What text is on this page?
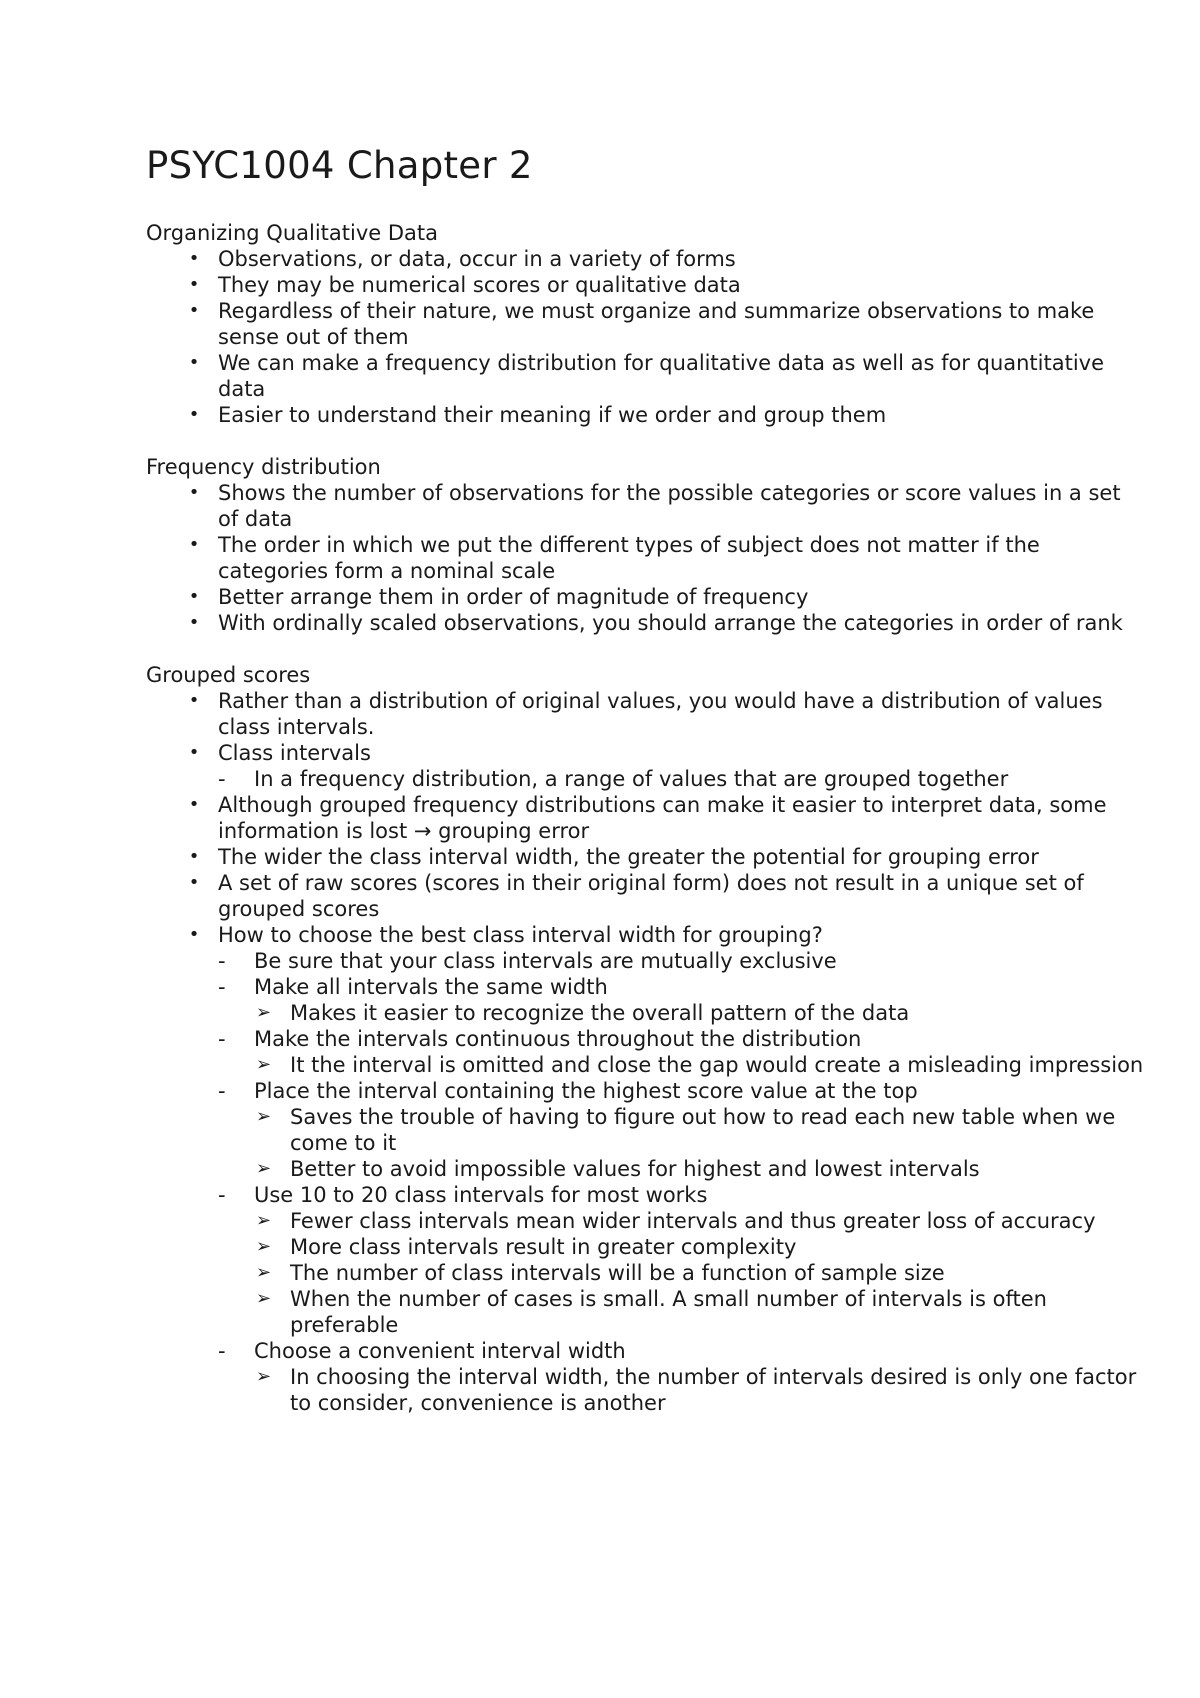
PSYC1004 Chapter 2
Organizing Qualitative Data
• Observations, or data, occur in a variety of forms
• They may be numerical scores or qualitative data
• Regardless of their nature, we must organize and summarize observations to make sense out of them
• We can make a frequency distribution for qualitative data as well as for quantitative data
• Easier to understand their meaning if we order and group them
Frequency distribution
• Shows the number of observations for the possible categories or score values in a set of data
• The order in which we put the different types of subject does not matter if the categories form a nominal scale
• Better arrange them in order of magnitude of frequency
• With ordinally scaled observations, you should arrange the categories in order of rank
Grouped scores
• Rather than a distribution of original values, you would have a distribution of values class intervals.
• Class intervals
-	In a frequency distribution, a range of values that are grouped together
• Although grouped frequency distributions can make it easier to interpret data, some information is lost → grouping error
• The wider the class interval width, the greater the potential for grouping error
• A set of raw scores (scores in their original form) does not result in a unique set of grouped scores
• How to choose the best class interval width for grouping?
-	Be sure that your class intervals are mutually exclusive
-	Make all intervals the same width
➢ Makes it easier to recognize the overall pattern of the data
-	Make the intervals continuous throughout the distribution
➢ It the interval is omitted and close the gap would create a misleading impression
-	Place the interval containing the highest score value at the top
➢ Saves the trouble of having to figure out how to read each new table when we come to it
➢ Better to avoid impossible values for highest and lowest intervals
-	Use 10 to 20 class intervals for most works
➢ Fewer class intervals mean wider intervals and thus greater loss of accuracy
➢ More class intervals result in greater complexity
➢ The number of class intervals will be a function of sample size
➢ When the number of cases is small. A small number of intervals is often preferable
-	Choose a convenient interval width
➢ In choosing the interval width, the number of intervals desired is only one factor to consider, convenience is another
